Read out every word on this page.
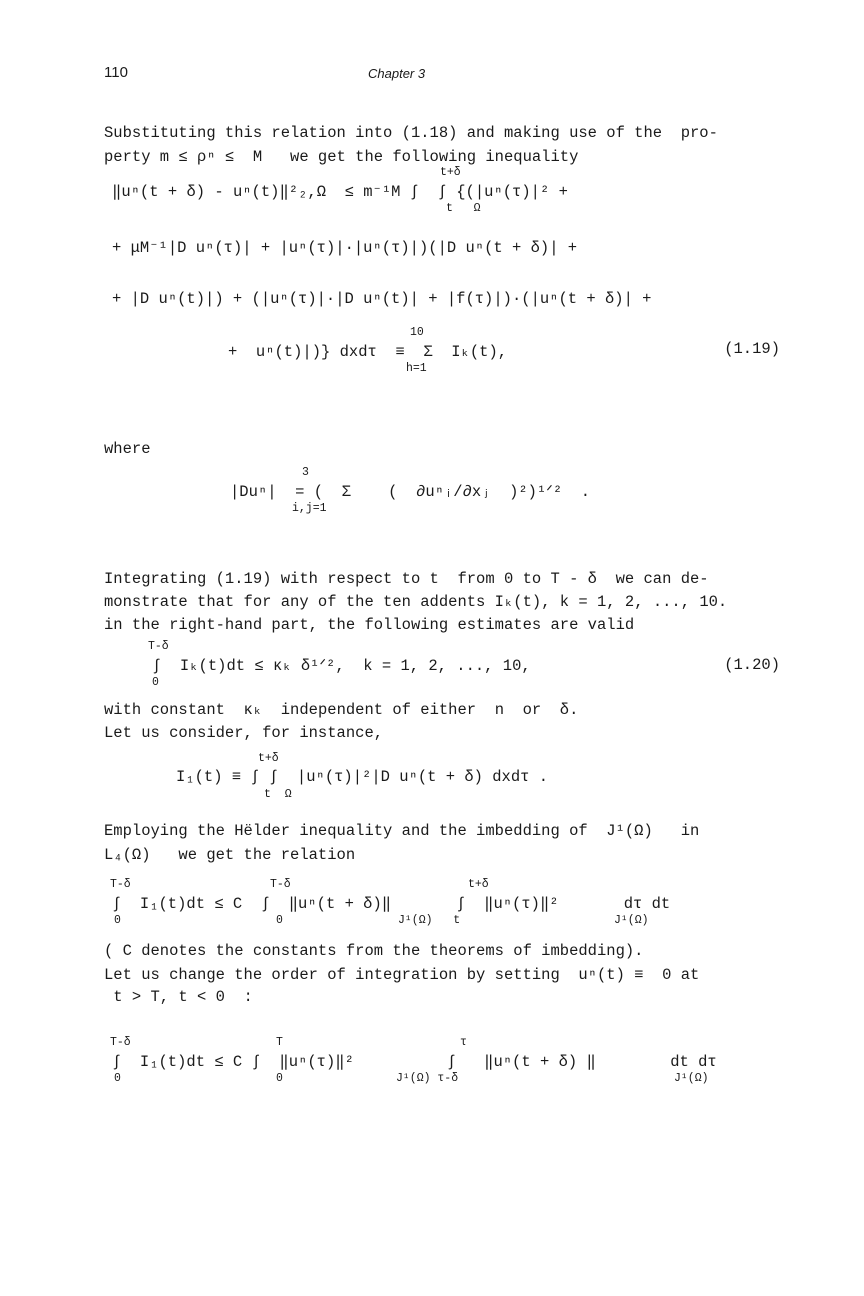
110	Chapter 3
Substituting this relation into (1.18) and making use of the  pro-
perty m ≤ ρⁿ ≤  M   we get the following inequality
t+δ
‖uⁿ(t + δ) - uⁿ(t)‖²₂,Ω  ≤ m⁻¹M ∫  ∫ {(|uⁿ(τ)|² +
t   Ω
+ μM⁻¹|D uⁿ(τ)| + |uⁿ(τ)|·|uⁿ(τ)|)(|D uⁿ(t + δ)| +
+ |D uⁿ(t)|) + (|uⁿ(τ)|·|D uⁿ(t)| + |f(τ)|)·(|uⁿ(t + δ)| +
10
+  uⁿ(t)|)} dxdτ  ≡  Σ  Iₖ(t),
h=1
(1.19)
where
3
|Duⁿ|  = (  Σ    (  ∂uⁿᵢ/∂xⱼ  )²)¹ᐟ²  .
i,j=1
Integrating (1.19) with respect to t  from 0 to T - δ  we can de-
monstrate that for any of the ten addents Iₖ(t), k = 1, 2, ..., 10.
in the right-hand part, the following estimates are valid
T-δ
∫  Iₖ(t)dt ≤ κₖ δ¹ᐟ²,  k = 1, 2, ..., 10,
0
(1.20)
with constant  κₖ  independent of either  n  or  δ.
Let us consider, for instance,
t+δ
I₁(t) ≡ ∫ ∫  |uⁿ(τ)|²|D uⁿ(t + δ) dxdτ .
t  Ω
Employing the Hëlder inequality and the imbedding of  J¹(Ω)   in
L₄(Ω)   we get the relation
T-δ	T-δ	t+δ
∫  I₁(t)dt ≤ C  ∫  ‖uⁿ(t + δ)‖       ∫  ‖uⁿ(τ)‖²       dτ dt
0	0	J¹(Ω)   t	J¹(Ω)
( C denotes the constants from the theorems of imbedding).
Let us change the order of integration by setting  uⁿ(t) ≡  0 at
t > T, t < 0  :
T-δ	T	τ
∫  I₁(t)dt ≤ C ∫  ‖uⁿ(τ)‖²          ∫   ‖uⁿ(t + δ) ‖        dt dτ
0	0	J¹(Ω) τ-δ	J¹(Ω)
